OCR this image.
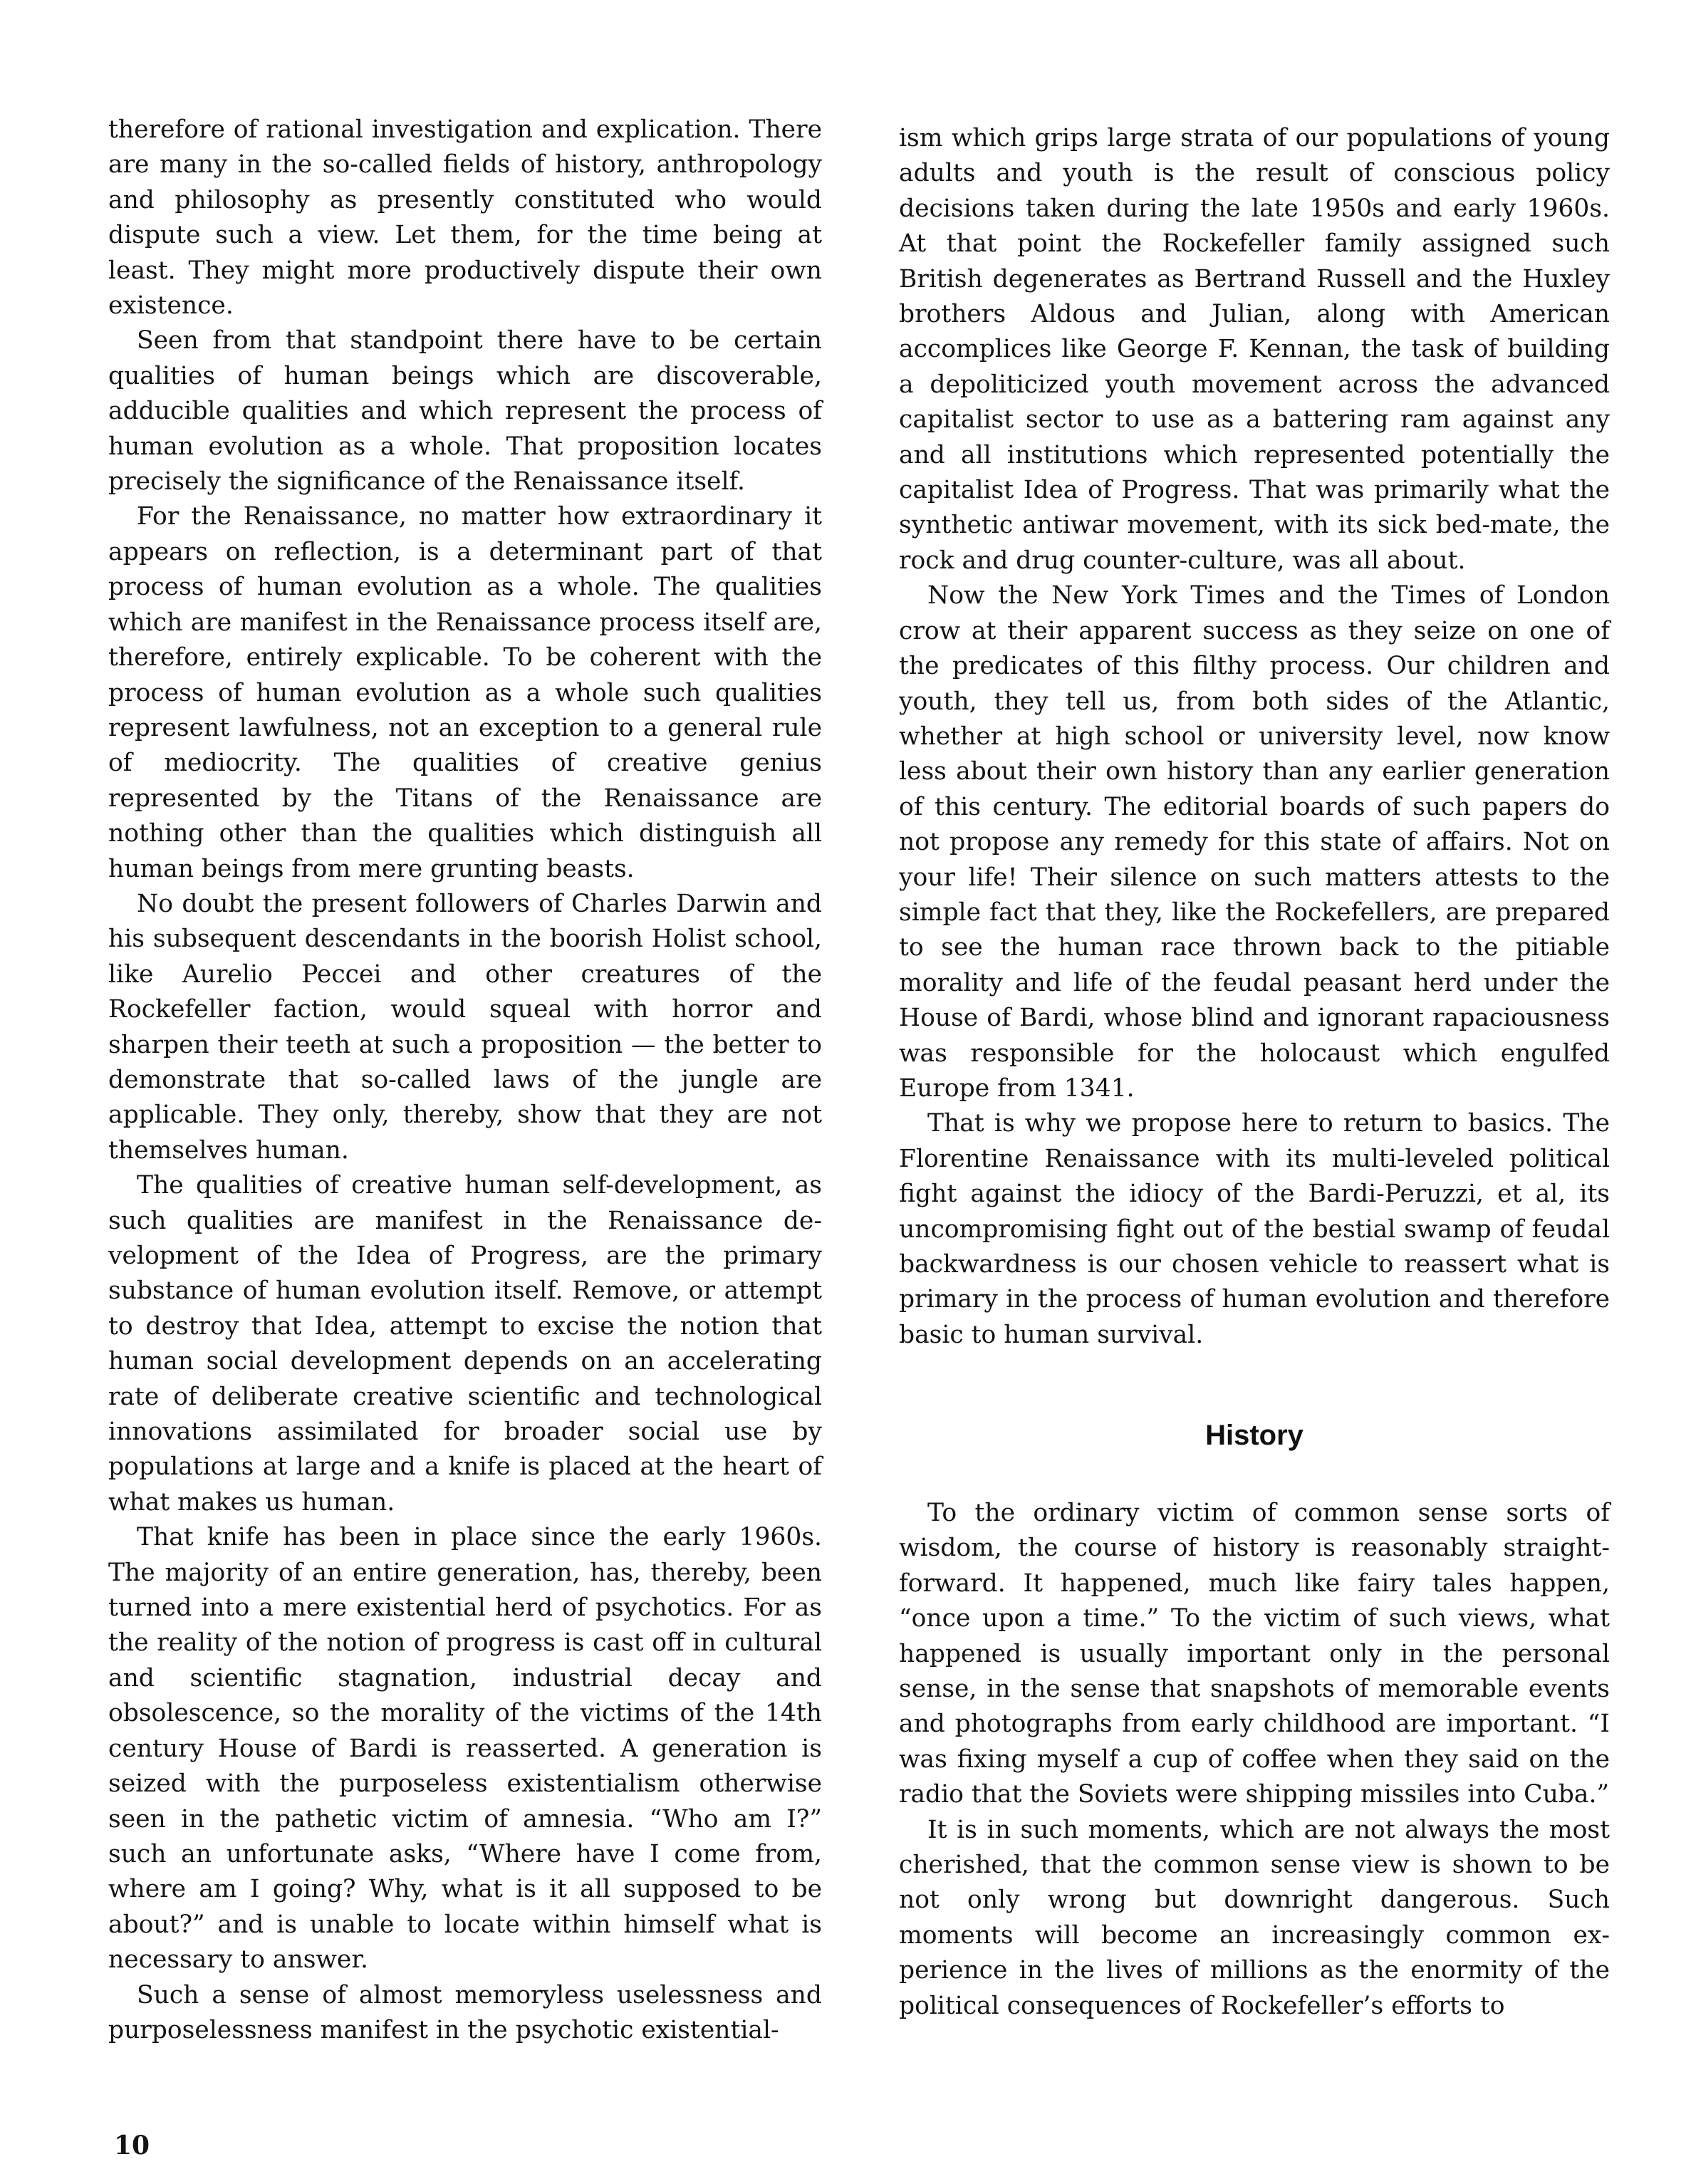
therefore of rational investigation and explication. There are many in the so-called fields of history, anthropology and philosophy as presently constituted who would dispute such a view. Let them, for the time being at least. They might more productively dispute their own existence.

Seen from that standpoint there have to be certain qualities of human beings which are discoverable, adducible qualities and which represent the process of human evolution as a whole. That proposition locates precisely the significance of the Renaissance itself.

For the Renaissance, no matter how extraordinary it appears on reflection, is a determinant part of that process of human evolution as a whole. The qualities which are manifest in the Renaissance process itself are, therefore, entirely explicable. To be coherent with the process of human evolution as a whole such qualities represent lawfulness, not an exception to a general rule of mediocrity. The qualities of creative genius represented by the Titans of the Renaissance are nothing other than the qualities which distinguish all human beings from mere grunting beasts.

No doubt the present followers of Charles Darwin and his subsequent descendants in the boorish Holist school, like Aurelio Peccei and other creatures of the Rockefeller faction, would squeal with horror and sharpen their teeth at such a proposition — the better to demonstrate that so-called laws of the jungle are applicable. They only, thereby, show that they are not themselves human.

The qualities of creative human self-development, as such qualities are manifest in the Renaissance development of the Idea of Progress, are the primary substance of human evolution itself. Remove, or attempt to destroy that Idea, attempt to excise the notion that human social development depends on an accelerating rate of deliberate creative scientific and technological innovations assimilated for broader social use by populations at large and a knife is placed at the heart of what makes us human.

That knife has been in place since the early 1960s. The majority of an entire generation, has, thereby, been turned into a mere existential herd of psychotics. For as the reality of the notion of progress is cast off in cultural and scientific stagnation, industrial decay and obsolescence, so the morality of the victims of the 14th century House of Bardi is reasserted. A generation is seized with the purposeless existentialism otherwise seen in the pathetic victim of amnesia. “Who am I?” such an unfortunate asks, “Where have I come from, where am I going? Why, what is it all supposed to be about?” and is unable to locate within himself what is necessary to answer.

Such a sense of almost memoryless uselessness and purposelessness manifest in the psychotic existential-

ism which grips large strata of our populations of young adults and youth is the result of conscious policy decisions taken during the late 1950s and early 1960s. At that point the Rockefeller family assigned such British degenerates as Bertrand Russell and the Huxley brothers Aldous and Julian, along with American accomplices like George F. Kennan, the task of building a depoliticized youth movement across the advanced capitalist sector to use as a battering ram against any and all institutions which represented potentially the capitalist Idea of Progress. That was primarily what the synthetic antiwar movement, with its sick bed-mate, the rock and drug counter-culture, was all about.

Now the New York Times and the Times of London crow at their apparent success as they seize on one of the predicates of this filthy process. Our children and youth, they tell us, from both sides of the Atlantic, whether at high school or university level, now know less about their own history than any earlier generation of this century. The editorial boards of such papers do not propose any remedy for this state of affairs. Not on your life! Their silence on such matters attests to the simple fact that they, like the Rockefellers, are prepared to see the human race thrown back to the pitiable morality and life of the feudal peasant herd under the House of Bardi, whose blind and ignorant rapaciousness was responsible for the holocaust which engulfed Europe from 1341.

That is why we propose here to return to basics. The Florentine Renaissance with its multi-leveled political fight against the idiocy of the Bardi-Peruzzi, et al, its uncompromising fight out of the bestial swamp of feudal backwardness is our chosen vehicle to reassert what is primary in the process of human evolution and therefore basic to human survival.

History

To the ordinary victim of common sense sorts of wisdom, the course of history is reasonably straightforward. It happened, much like fairy tales happen, “once upon a time.” To the victim of such views, what happened is usually important only in the personal sense, in the sense that snapshots of memorable events and photographs from early childhood are important. “I was fixing myself a cup of coffee when they said on the radio that the Soviets were shipping missiles into Cuba.”

It is in such moments, which are not always the most cherished, that the common sense view is shown to be not only wrong but downright dangerous. Such moments will become an increasingly common experience in the lives of millions as the enormity of the political consequences of Rockefeller’s efforts to

10
